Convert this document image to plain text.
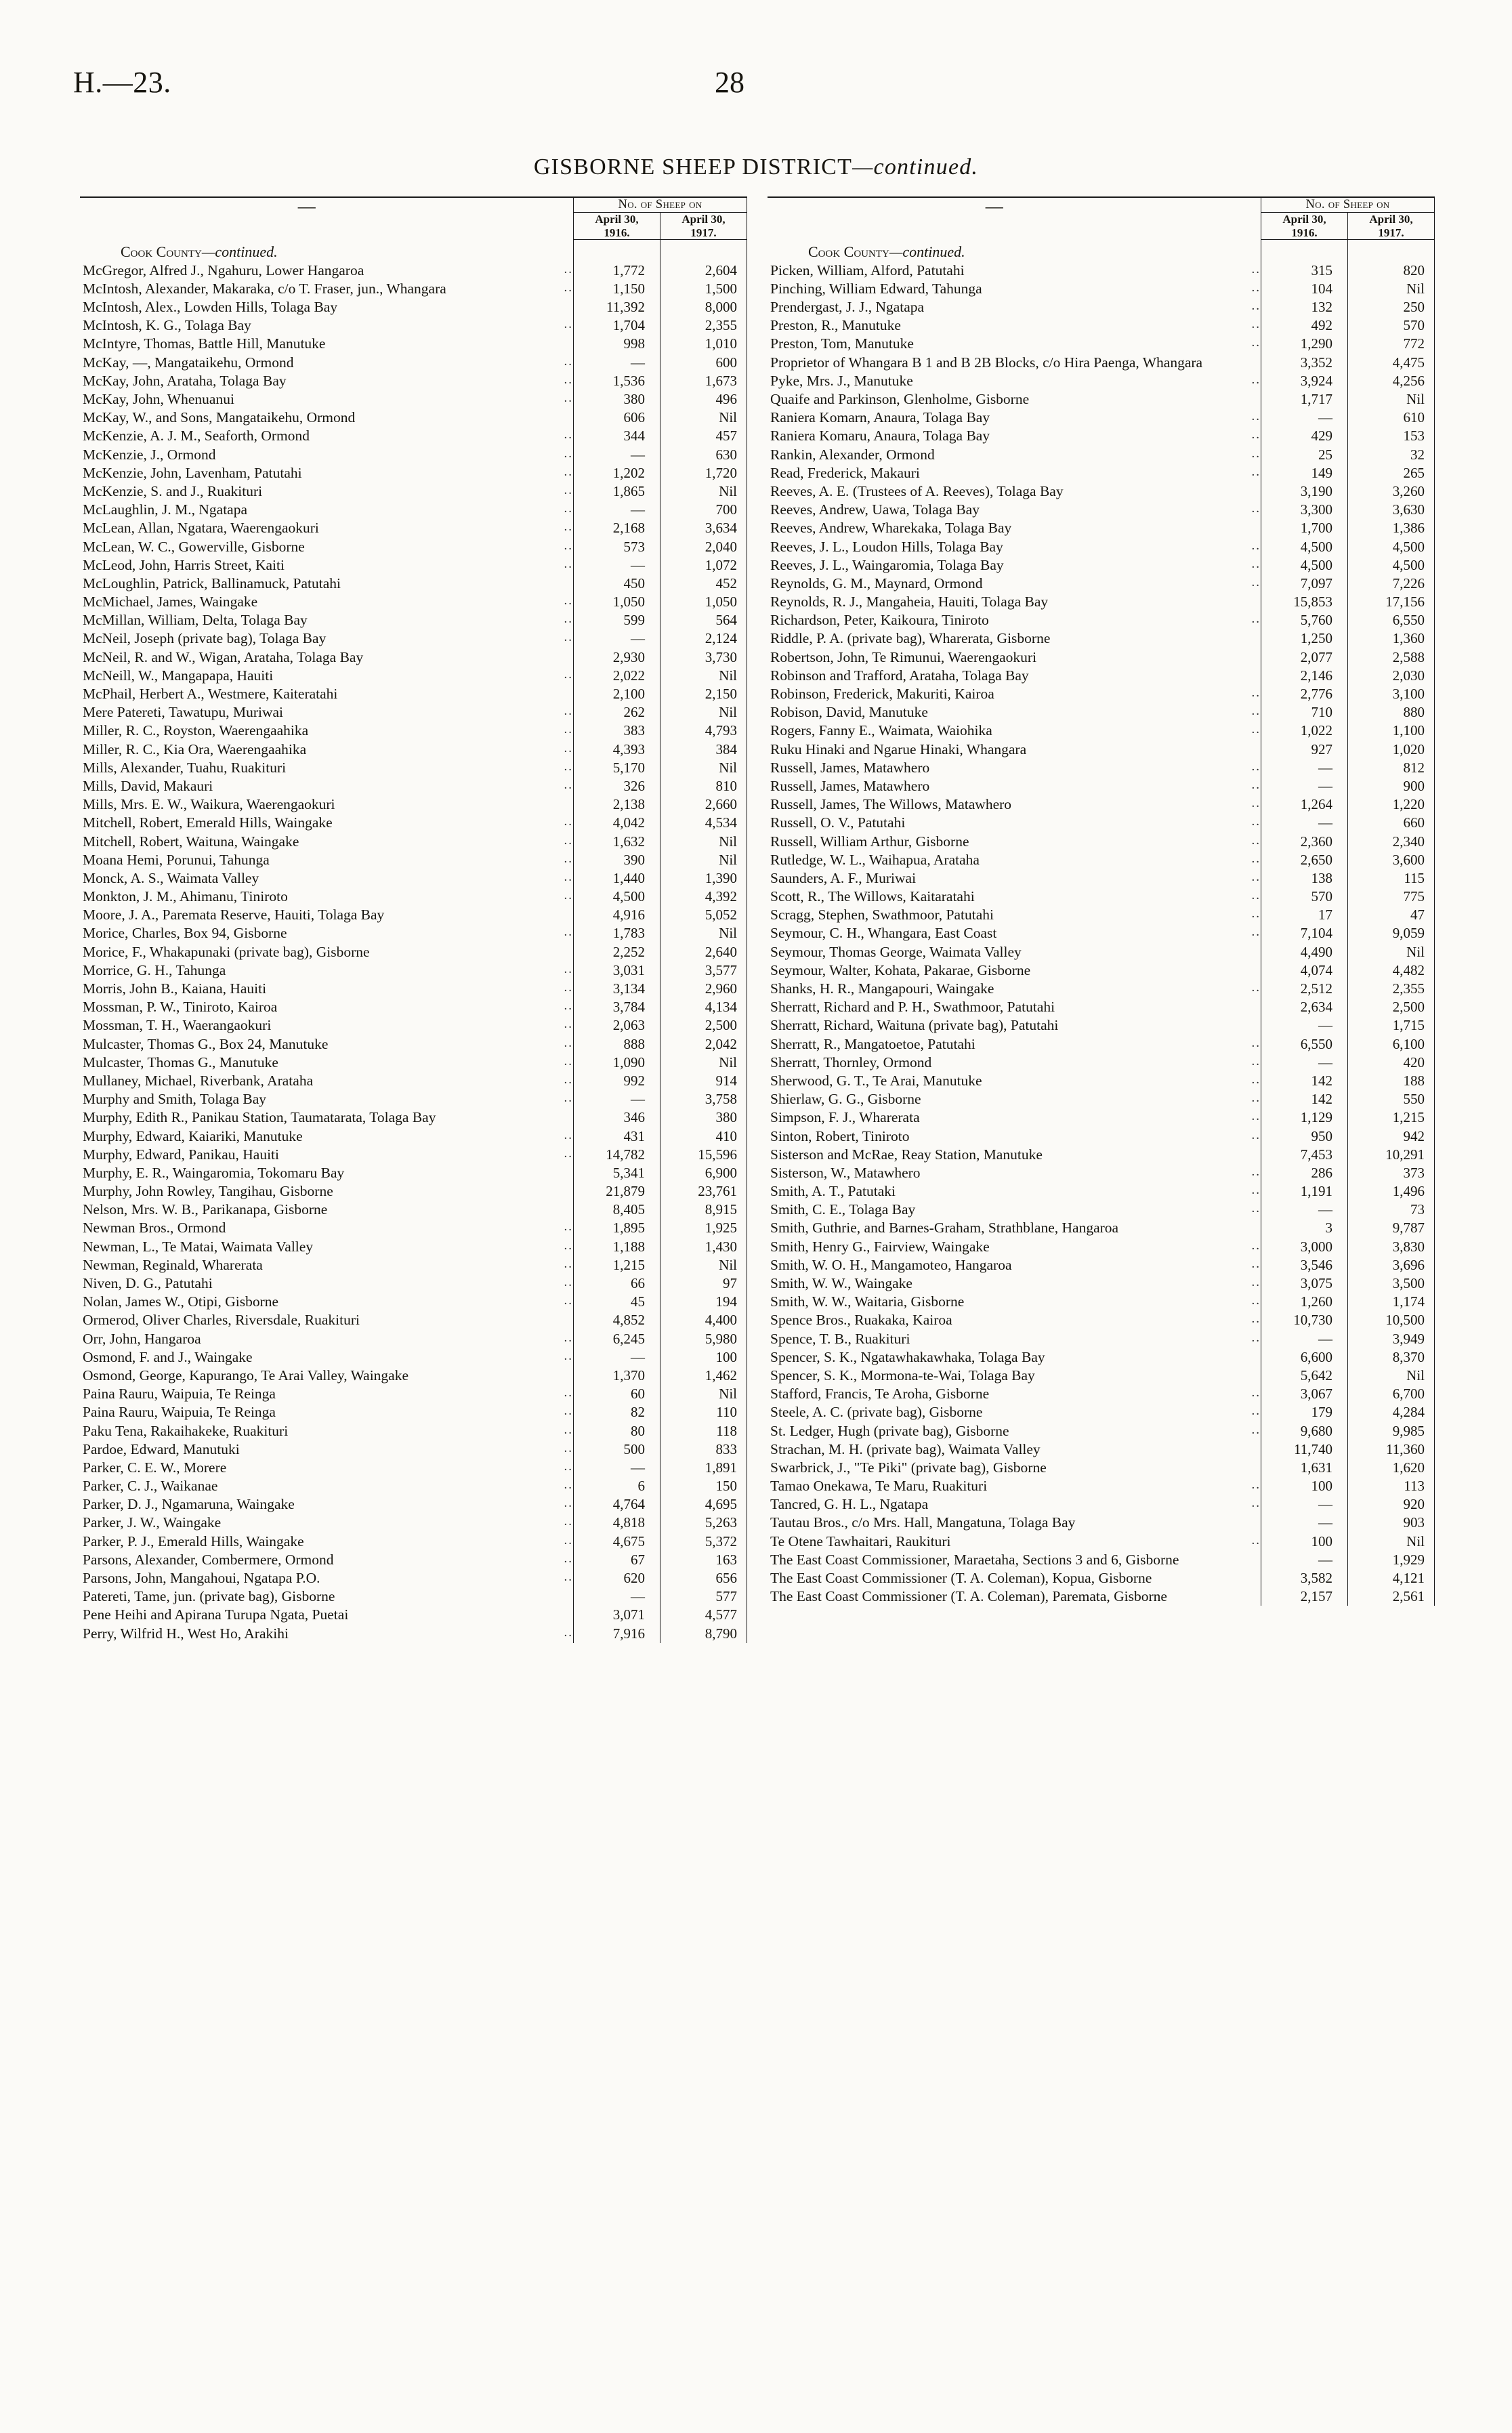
H.—23.	28
GISBORNE SHEEP DISTRICT—continued.
—		No. of Sheep on	
		April 30,
1916.	April 30,
1917.

Cook County—continued.			
McGregor, Alfred J., Ngahuru, Lower Hangaroa	..	1,772	2,604
McIntosh, Alexander, Makaraka, c/o T. Fraser, jun., Whangara	..	1,150	1,500
McIntosh, Alex., Lowden Hills, Tolaga Bay		11,392	8,000
McIntosh, K. G., Tolaga Bay	..	1,704	2,355
McIntyre, Thomas, Battle Hill, Manutuke		998	1,010
McKay, —, Mangataikehu, Ormond	..	—	600
McKay, John, Arataha, Tolaga Bay	..	1,536	1,673
McKay, John, Whenuanui	..	380	496
McKay, W., and Sons, Mangataikehu, Ormond		606	Nil
McKenzie, A. J. M., Seaforth, Ormond	..	344	457
McKenzie, J., Ormond	..	—	630
McKenzie, John, Lavenham, Patutahi	..	1,202	1,720
McKenzie, S. and J., Ruakituri	..	1,865	Nil
McLaughlin, J. M., Ngatapa	..	—	700
McLean, Allan, Ngatara, Waerengaokuri	..	2,168	3,634
McLean, W. C., Gowerville, Gisborne	..	573	2,040
McLeod, John, Harris Street, Kaiti	..	—	1,072
McLoughlin, Patrick, Ballinamuck, Patutahi		450	452
McMichael, James, Waingake	..	1,050	1,050
McMillan, William, Delta, Tolaga Bay	..	599	564
McNeil, Joseph (private bag), Tolaga Bay	..	—	2,124
McNeil, R. and W., Wigan, Arataha, Tolaga Bay		2,930	3,730
McNeill, W., Mangapapa, Hauiti	..	2,022	Nil
McPhail, Herbert A., Westmere, Kaiteratahi		2,100	2,150
Mere Patereti, Tawatupu, Muriwai	..	262	Nil
Miller, R. C., Royston, Waerengaahika	..	383	4,793
Miller, R. C., Kia Ora, Waerengaahika	..	4,393	384
Mills, Alexander, Tuahu, Ruakituri	..	5,170	Nil
Mills, David, Makauri	..	326	810
Mills, Mrs. E. W., Waikura, Waerengaokuri		2,138	2,660
Mitchell, Robert, Emerald Hills, Waingake	..	4,042	4,534
Mitchell, Robert, Waituna, Waingake	..	1,632	Nil
Moana Hemi, Porunui, Tahunga	..	390	Nil
Monck, A. S., Waimata Valley	..	1,440	1,390
Monkton, J. M., Ahimanu, Tiniroto	..	4,500	4,392
Moore, J. A., Paremata Reserve, Hauiti, Tolaga Bay		4,916	5,052
Morice, Charles, Box 94, Gisborne	..	1,783	Nil
Morice, F., Whakapunaki (private bag), Gisborne		2,252	2,640
Morrice, G. H., Tahunga	..	3,031	3,577
Morris, John B., Kaiana, Hauiti	..	3,134	2,960
Mossman, P. W., Tiniroto, Kairoa	..	3,784	4,134
Mossman, T. H., Waerangaokuri	..	2,063	2,500
Mulcaster, Thomas G., Box 24, Manutuke	..	888	2,042
Mulcaster, Thomas G., Manutuke	..	1,090	Nil
Mullaney, Michael, Riverbank, Arataha	..	992	914
Murphy and Smith, Tolaga Bay	..	—	3,758
Murphy, Edith R., Panikau Station, Taumatarata, Tolaga Bay		346	380
Murphy, Edward, Kaiariki, Manutuke	..	431	410
Murphy, Edward, Panikau, Hauiti	..	14,782	15,596
Murphy, E. R., Waingaromia, Tokomaru Bay		5,341	6,900
Murphy, John Rowley, Tangihau, Gisborne		21,879	23,761
Nelson, Mrs. W. B., Parikanapa, Gisborne		8,405	8,915
Newman Bros., Ormond	..	1,895	1,925
Newman, L., Te Matai, Waimata Valley	..	1,188	1,430
Newman, Reginald, Wharerata	..	1,215	Nil
Niven, D. G., Patutahi	..	66	97
Nolan, James W., Otipi, Gisborne	..	45	194
Ormerod, Oliver Charles, Riversdale, Ruakituri		4,852	4,400
Orr, John, Hangaroa	..	6,245	5,980
Osmond, F. and J., Waingake	..	—	100
Osmond, George, Kapurango, Te Arai Valley, Waingake		1,370	1,462
Paina Rauru, Waipuia, Te Reinga	..	60	Nil
Paina Rauru, Waipuia, Te Reinga	..	82	110
Paku Tena, Rakaihakeke, Ruakituri	..	80	118
Pardoe, Edward, Manutuki	..	500	833
Parker, C. E. W., Morere	..	—	1,891
Parker, C. J., Waikanae	..	6	150
Parker, D. J., Ngamaruna, Waingake	..	4,764	4,695
Parker, J. W., Waingake	..	4,818	5,263
Parker, P. J., Emerald Hills, Waingake	..	4,675	5,372
Parsons, Alexander, Combermere, Ormond	..	67	163
Parsons, John, Mangahoui, Ngatapa P.O.	..	620	656
Patereti, Tame, jun. (private bag), Gisborne		—	577
Pene Heihi and Apirana Turupa Ngata, Puetai		3,071	4,577
Perry, Wilfrid H., West Ho, Arakihi	..	7,916	8,790
—		No. of Sheep on	
		April 30,
1916.	April 30,
1917.

Cook County—continued.			
Picken, William, Alford, Patutahi	..	315	820
Pinching, William Edward, Tahunga	..	104	Nil
Prendergast, J. J., Ngatapa	..	132	250
Preston, R., Manutuke	..	492	570
Preston, Tom, Manutuke	..	1,290	772
Proprietor of Whangara B 1 and B 2B Blocks, c/o Hira Paenga, Whangara		3,352	4,475
Pyke, Mrs. J., Manutuke	..	3,924	4,256
Quaife and Parkinson, Glenholme, Gisborne		1,717	Nil
Raniera Komarn, Anaura, Tolaga Bay	..	—	610
Raniera Komaru, Anaura, Tolaga Bay	..	429	153
Rankin, Alexander, Ormond	..	25	32
Read, Frederick, Makauri	..	149	265
Reeves, A. E. (Trustees of A. Reeves), Tolaga Bay		3,190	3,260
Reeves, Andrew, Uawa, Tolaga Bay	..	3,300	3,630
Reeves, Andrew, Wharekaka, Tolaga Bay		1,700	1,386
Reeves, J. L., Loudon Hills, Tolaga Bay	..	4,500	4,500
Reeves, J. L., Waingaromia, Tolaga Bay	..	4,500	4,500
Reynolds, G. M., Maynard, Ormond	..	7,097	7,226
Reynolds, R. J., Mangaheia, Hauiti, Tolaga Bay		15,853	17,156
Richardson, Peter, Kaikoura, Tiniroto	..	5,760	6,550
Riddle, P. A. (private bag), Wharerata, Gisborne		1,250	1,360
Robertson, John, Te Rimunui, Waerengaokuri		2,077	2,588
Robinson and Trafford, Arataha, Tolaga Bay		2,146	2,030
Robinson, Frederick, Makuriti, Kairoa	..	2,776	3,100
Robison, David, Manutuke	..	710	880
Rogers, Fanny E., Waimata, Waiohika	..	1,022	1,100
Ruku Hinaki and Ngarue Hinaki, Whangara		927	1,020
Russell, James, Matawhero	..	—	812
Russell, James, Matawhero	..	—	900
Russell, James, The Willows, Matawhero	..	1,264	1,220
Russell, O. V., Patutahi	..	—	660
Russell, William Arthur, Gisborne	..	2,360	2,340
Rutledge, W. L., Waihapua, Arataha	..	2,650	3,600
Saunders, A. F., Muriwai	..	138	115
Scott, R., The Willows, Kaitaratahi	..	570	775
Scragg, Stephen, Swathmoor, Patutahi	..	17	47
Seymour, C. H., Whangara, East Coast	..	7,104	9,059
Seymour, Thomas George, Waimata Valley		4,490	Nil
Seymour, Walter, Kohata, Pakarae, Gisborne		4,074	4,482
Shanks, H. R., Mangapouri, Waingake	..	2,512	2,355
Sherratt, Richard and P. H., Swathmoor, Patutahi		2,634	2,500
Sherratt, Richard, Waituna (private bag), Patutahi		—	1,715
Sherratt, R., Mangatoetoe, Patutahi	..	6,550	6,100
Sherratt, Thornley, Ormond	..	—	420
Sherwood, G. T., Te Arai, Manutuke	..	142	188
Shierlaw, G. G., Gisborne	..	142	550
Simpson, F. J., Wharerata	..	1,129	1,215
Sinton, Robert, Tiniroto	..	950	942
Sisterson and McRae, Reay Station, Manutuke		7,453	10,291
Sisterson, W., Matawhero	..	286	373
Smith, A. T., Patutaki	..	1,191	1,496
Smith, C. E., Tolaga Bay	..	—	73
Smith, Guthrie, and Barnes-Graham, Strathblane, Hangaroa		3	9,787
Smith, Henry G., Fairview, Waingake	..	3,000	3,830
Smith, W. O. H., Mangamoteo, Hangaroa	..	3,546	3,696
Smith, W. W., Waingake	..	3,075	3,500
Smith, W. W., Waitaria, Gisborne	..	1,260	1,174
Spence Bros., Ruakaka, Kairoa	..	10,730	10,500
Spence, T. B., Ruakituri	..	—	3,949
Spencer, S. K., Ngatawhakawhaka, Tolaga Bay		6,600	8,370
Spencer, S. K., Mormona-te-Wai, Tolaga Bay		5,642	Nil
Stafford, Francis, Te Aroha, Gisborne	..	3,067	6,700
Steele, A. C. (private bag), Gisborne	..	179	4,284
St. Ledger, Hugh (private bag), Gisborne	..	9,680	9,985
Strachan, M. H. (private bag), Waimata Valley		11,740	11,360
Swarbrick, J., "Te Piki" (private bag), Gisborne		1,631	1,620
Tamao Onekawa, Te Maru, Ruakituri	..	100	113
Tancred, G. H. L., Ngatapa	..	—	920
Tautau Bros., c/o Mrs. Hall, Mangatuna, Tolaga Bay		—	903
Te Otene Tawhaitari, Raukituri	..	100	Nil
The East Coast Commissioner, Maraetaha, Sections 3 and 6, Gisborne		—	1,929
The East Coast Commissioner (T. A. Coleman), Kopua, Gisborne		3,582	4,121
The East Coast Commissioner (T. A. Coleman), Paremata, Gisborne		2,157	2,561
